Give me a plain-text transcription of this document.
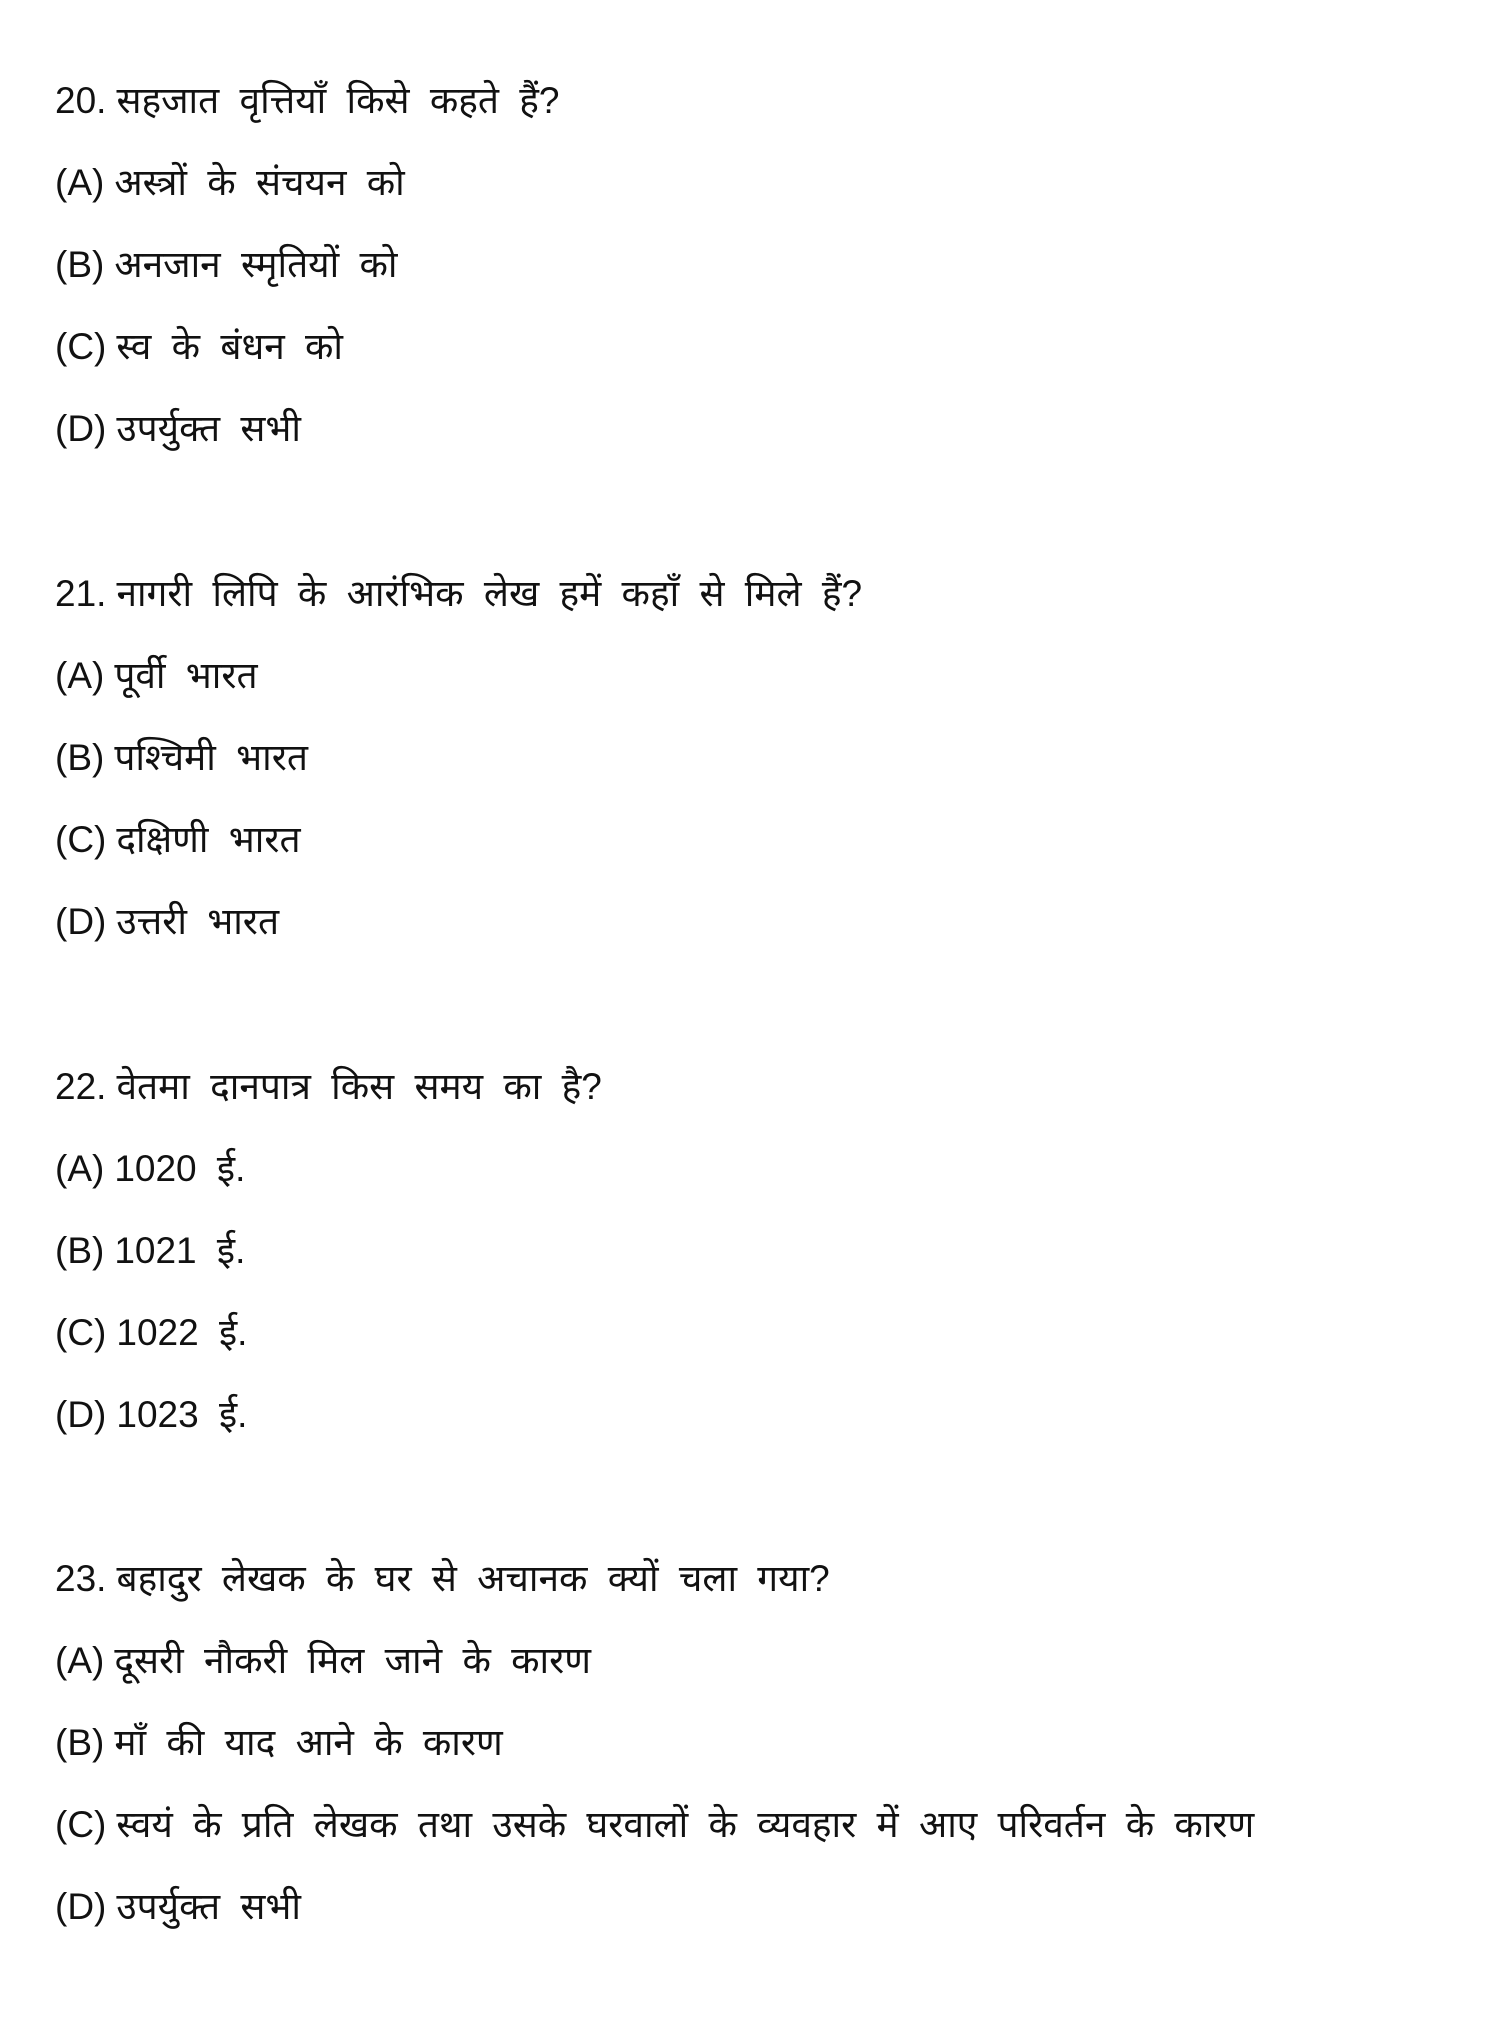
20. सहजात वृत्तियाँ किसे कहते हैं?
(A) अस्त्रों के संचयन को
(B) अनजान स्मृतियों को
(C) स्व के बंधन को
(D) उपर्युक्त सभी
21. नागरी लिपि के आरंभिक लेख हमें कहाँ से मिले हैं?
(A) पूर्वी भारत
(B) पश्चिमी भारत
(C) दक्षिणी भारत
(D) उत्तरी भारत
22. वेतमा दानपात्र किस समय का है?
(A) 1020 ई.
(B) 1021 ई.
(C) 1022 ई.
(D) 1023 ई.
23. बहादुर लेखक के घर से अचानक क्यों चला गया?
(A) दूसरी नौकरी मिल जाने के कारण
(B) माँ की याद आने के कारण
(C) स्वयं के प्रति लेखक तथा उसके घरवालों के व्यवहार में आए परिवर्तन के कारण
(D) उपर्युक्त सभी
